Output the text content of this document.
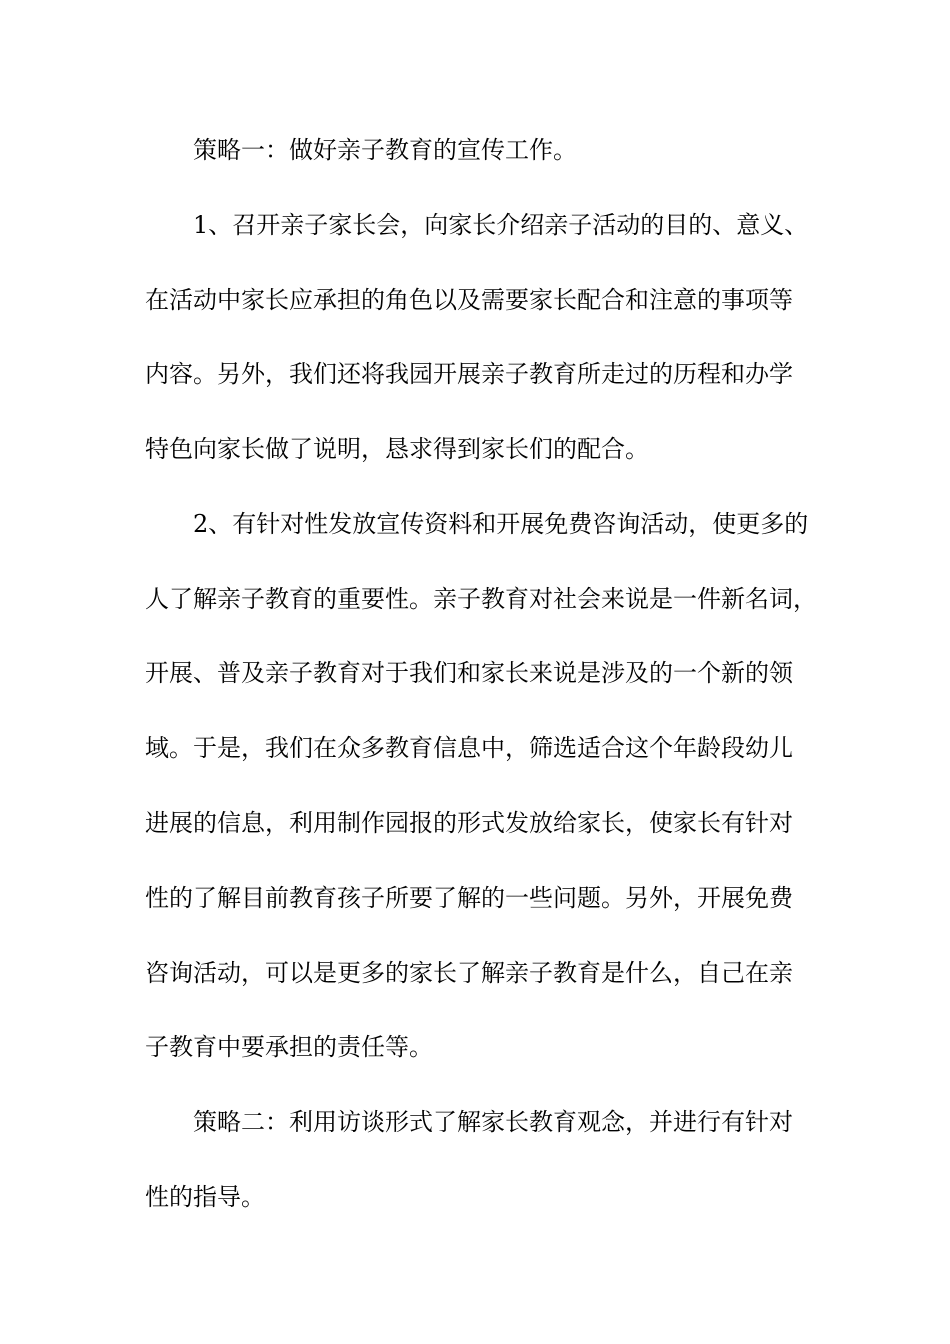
策略一：做好亲子教育的宣传工作。
1、召开亲子家长会，向家长介绍亲子活动的目的、意义、
在活动中家长应承担的角色以及需要家长配合和注意的事项等
内容。另外，我们还将我园开展亲子教育所走过的历程和办学
特色向家长做了说明，恳求得到家长们的配合。
2、有针对性发放宣传资料和开展免费咨询活动，使更多的
人了解亲子教育的重要性。亲子教育对社会来说是一件新名词，
开展、普及亲子教育对于我们和家长来说是涉及的一个新的领
域。于是，我们在众多教育信息中，筛选适合这个年龄段幼儿
进展的信息，利用制作园报的形式发放给家长，使家长有针对
性的了解目前教育孩子所要了解的一些问题。另外，开展免费
咨询活动，可以是更多的家长了解亲子教育是什么，自己在亲
子教育中要承担的责任等。
策略二：利用访谈形式了解家长教育观念，并进行有针对
性的指导。
